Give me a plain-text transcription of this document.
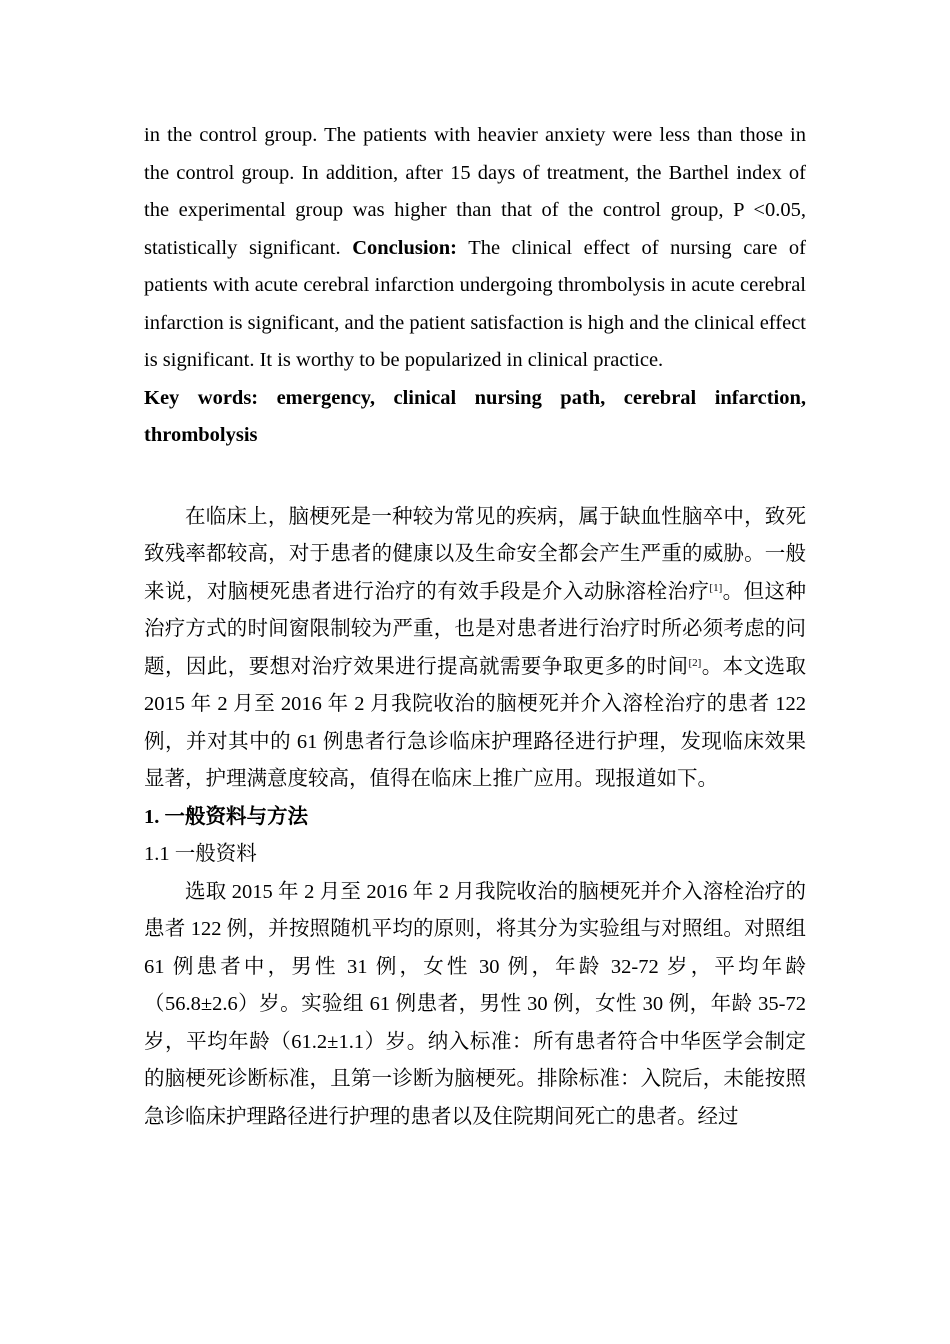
in the control group. The patients with heavier anxiety were less than those in the control group. In addition, after 15 days of treatment, the Barthel index of the experimental group was higher than that of the control group, P <0.05, statistically significant. Conclusion: The clinical effect of nursing care of patients with acute cerebral infarction undergoing thrombolysis in acute cerebral infarction is significant, and the patient satisfaction is high and the clinical effect is significant. It is worthy to be popularized in clinical practice.

Key words: emergency, clinical nursing path, cerebral infarction, thrombolysis

在临床上，脑梗死是一种较为常见的疾病，属于缺血性脑卒中，致死致残率都较高，对于患者的健康以及生命安全都会产生严重的威胁。一般来说，对脑梗死患者进行治疗的有效手段是介入动脉溶栓治疗[1]。但这种治疗方式的时间窗限制较为严重，也是对患者进行治疗时所必须考虑的问题，因此，要想对治疗效果进行提高就需要争取更多的时间[2]。本文选取 2015 年 2 月至 2016 年 2 月我院收治的脑梗死并介入溶栓治疗的患者 122 例，并对其中的 61 例患者行急诊临床护理路径进行护理，发现临床效果显著，护理满意度较高，值得在临床上推广应用。现报道如下。

1. 一般资料与方法

1.1 一般资料

选取 2015 年 2 月至 2016 年 2 月我院收治的脑梗死并介入溶栓治疗的患者 122 例，并按照随机平均的原则，将其分为实验组与对照组。对照组 61 例患者中，男性 31 例，女性 30 例，年龄 32-72 岁，平均年龄（56.8±2.6）岁。实验组 61 例患者，男性 30 例，女性 30 例，年龄 35-72 岁，平均年龄（61.2±1.1）岁。纳入标准：所有患者符合中华医学会制定的脑梗死诊断标准，且第一诊断为脑梗死。排除标准：入院后，未能按照急诊临床护理路径进行护理的患者以及住院期间死亡的患者。经过
